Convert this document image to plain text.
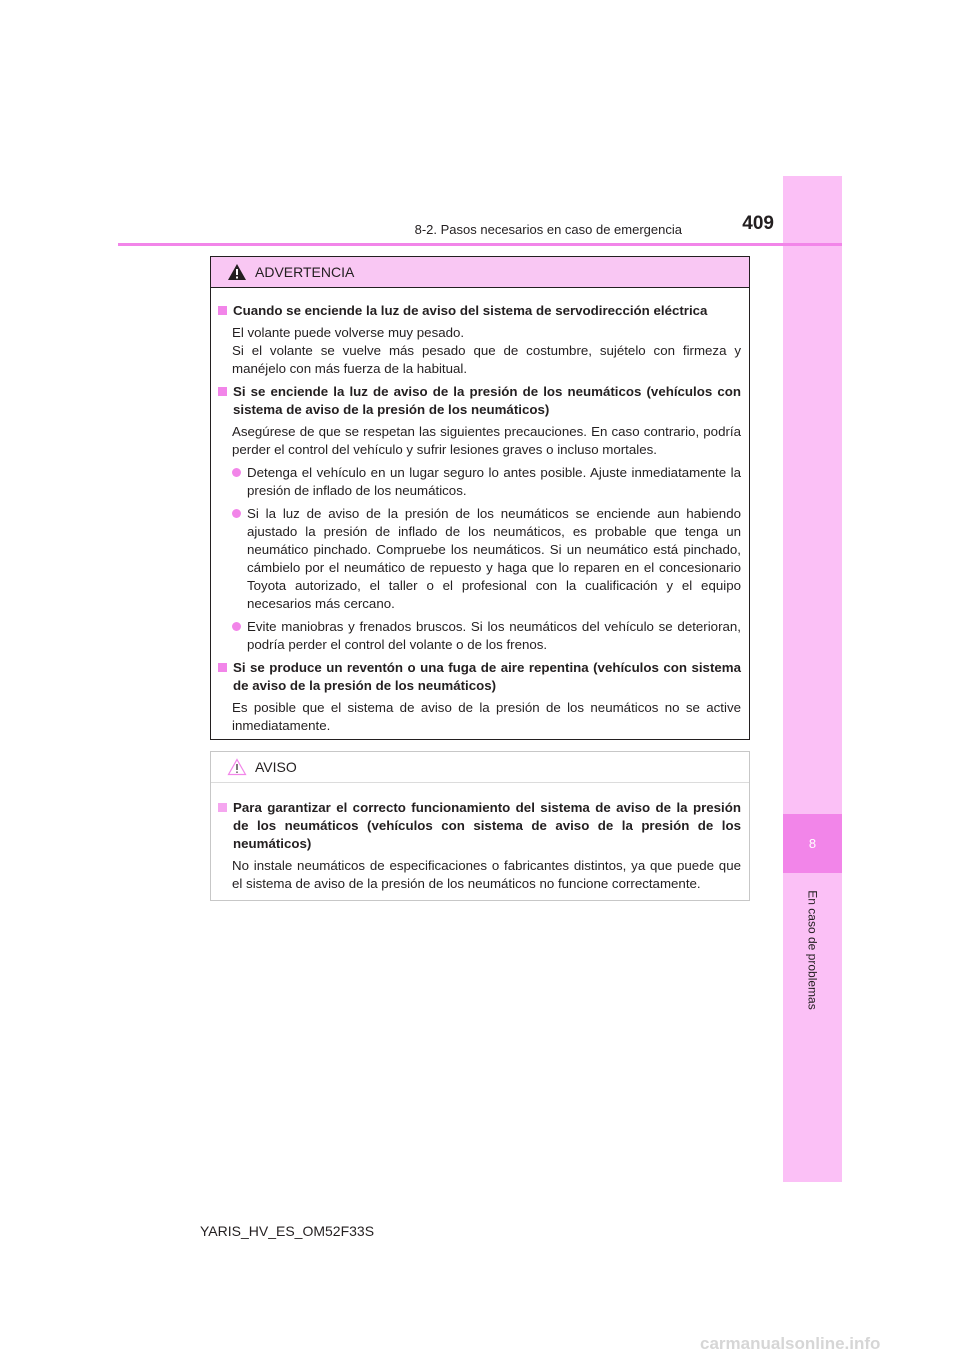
8
En caso de problemas
8-2. Pasos necesarios en caso de emergencia	409
ADVERTENCIA
Cuando se enciende la luz de aviso del sistema de servodirección eléctrica
El volante puede volverse muy pesado.
Si el volante se vuelve más pesado que de costumbre, sujételo con firmeza y manéjelo con más fuerza de la habitual.
Si se enciende la luz de aviso de la presión de los neumáticos (vehículos con sistema de aviso de la presión de los neumáticos)
Asegúrese de que se respetan las siguientes precauciones. En caso contrario, podría perder el control del vehículo y sufrir lesiones graves o incluso mortales.
Detenga el vehículo en un lugar seguro lo antes posible. Ajuste inmediatamente la presión de inflado de los neumáticos.
Si la luz de aviso de la presión de los neumáticos se enciende aun habiendo ajustado la presión de inflado de los neumáticos, es probable que tenga un neumático pinchado. Compruebe los neumáticos. Si un neumático está pinchado, cámbielo por el neumático de repuesto y haga que lo reparen en el concesionario Toyota autorizado, el taller o el profesional con la cualificación y el equipo necesarios más cercano.
Evite maniobras y frenados bruscos. Si los neumáticos del vehículo se deterioran, podría perder el control del volante o de los frenos.
Si se produce un reventón o una fuga de aire repentina (vehículos con sistema de aviso de la presión de los neumáticos)
Es posible que el sistema de aviso de la presión de los neumáticos no se active inmediatamente.
AVISO
Para garantizar el correcto funcionamiento del sistema de aviso de la presión de los neumáticos (vehículos con sistema de aviso de la presión de los neumáticos)
No instale neumáticos de especificaciones o fabricantes distintos, ya que puede que el sistema de aviso de la presión de los neumáticos no funcione correctamente.
YARIS_HV_ES_OM52F33S
carmanualsonline.info
